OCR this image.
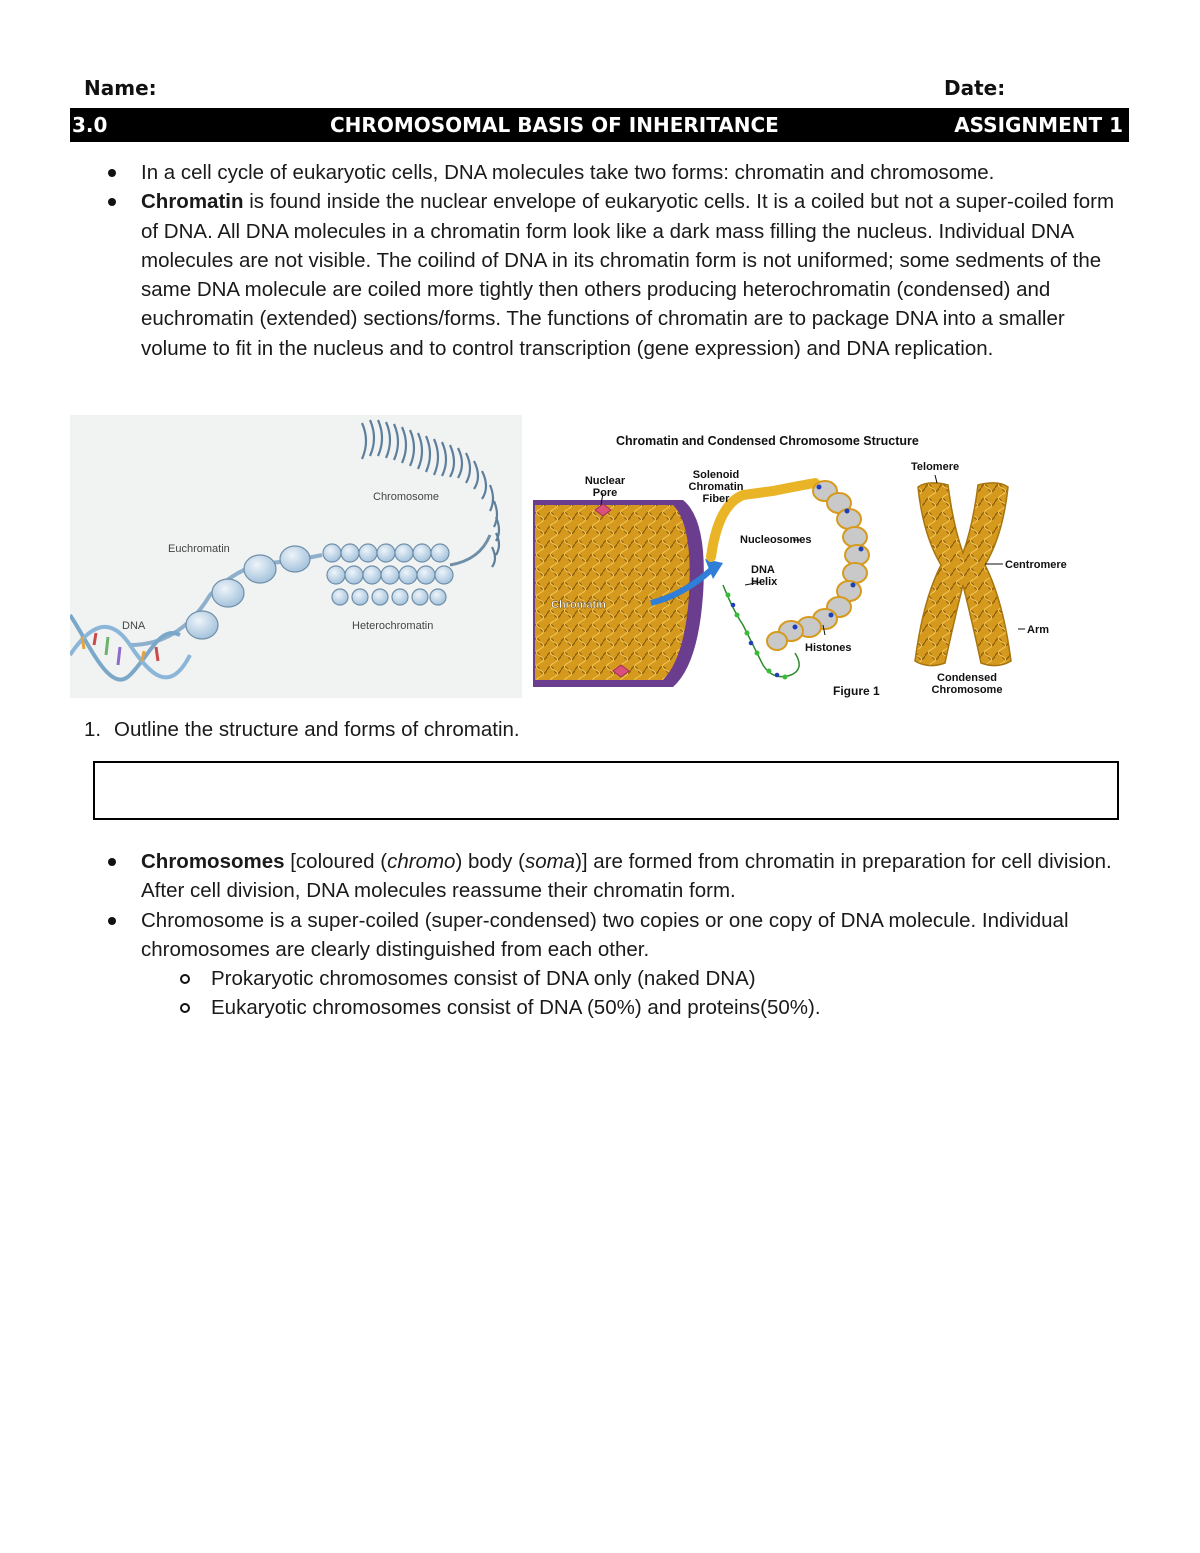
Name:	Date:
3.0	CHROMOSOMAL BASIS OF INHERITANCE	ASSIGNMENT 1
In a cell cycle of eukaryotic cells, DNA molecules take two forms: chromatin and chromosome.
Chromatin is found inside the nuclear envelope of eukaryotic cells. It is a coiled but not a super-coiled form of DNA. All DNA molecules in a chromatin form look like a dark mass filling the nucleus. Individual DNA molecules are not visible. The coilind of DNA in its chromatin form is not uniformed; some sedments of the same DNA molecule are coiled more tightly then others producing heterochromatin (condensed) and euchromatin (extended) sections/forms. The functions of chromatin are to package DNA into a smaller volume to fit in the nucleus and to control transcription (gene expression) and DNA replication.
Chromosome
Euchromatin
DNA	Heterochromatin
Chromatin and Condensed Chromosome Structure
Chromatin
Nuclear
Pore
Solenoid
Chromatin
Fiber
Nucleosomes
DNA
Helix
Histones
Figure 1
Telomere
Centromere
Arm
Condensed
Chromosome
1. Outline the structure and forms of chromatin.
Chromosomes [coloured (chromo) body (soma)] are formed from chromatin in preparation for cell division. After cell division, DNA molecules reassume their chromatin form.
Chromosome is a super-coiled (super-condensed) two copies or one copy of DNA molecule. Individual chromosomes are clearly distinguished from each other.
Prokaryotic chromosomes consist of DNA only (naked DNA)
Eukaryotic chromosomes consist of DNA (50%) and proteins(50%).
